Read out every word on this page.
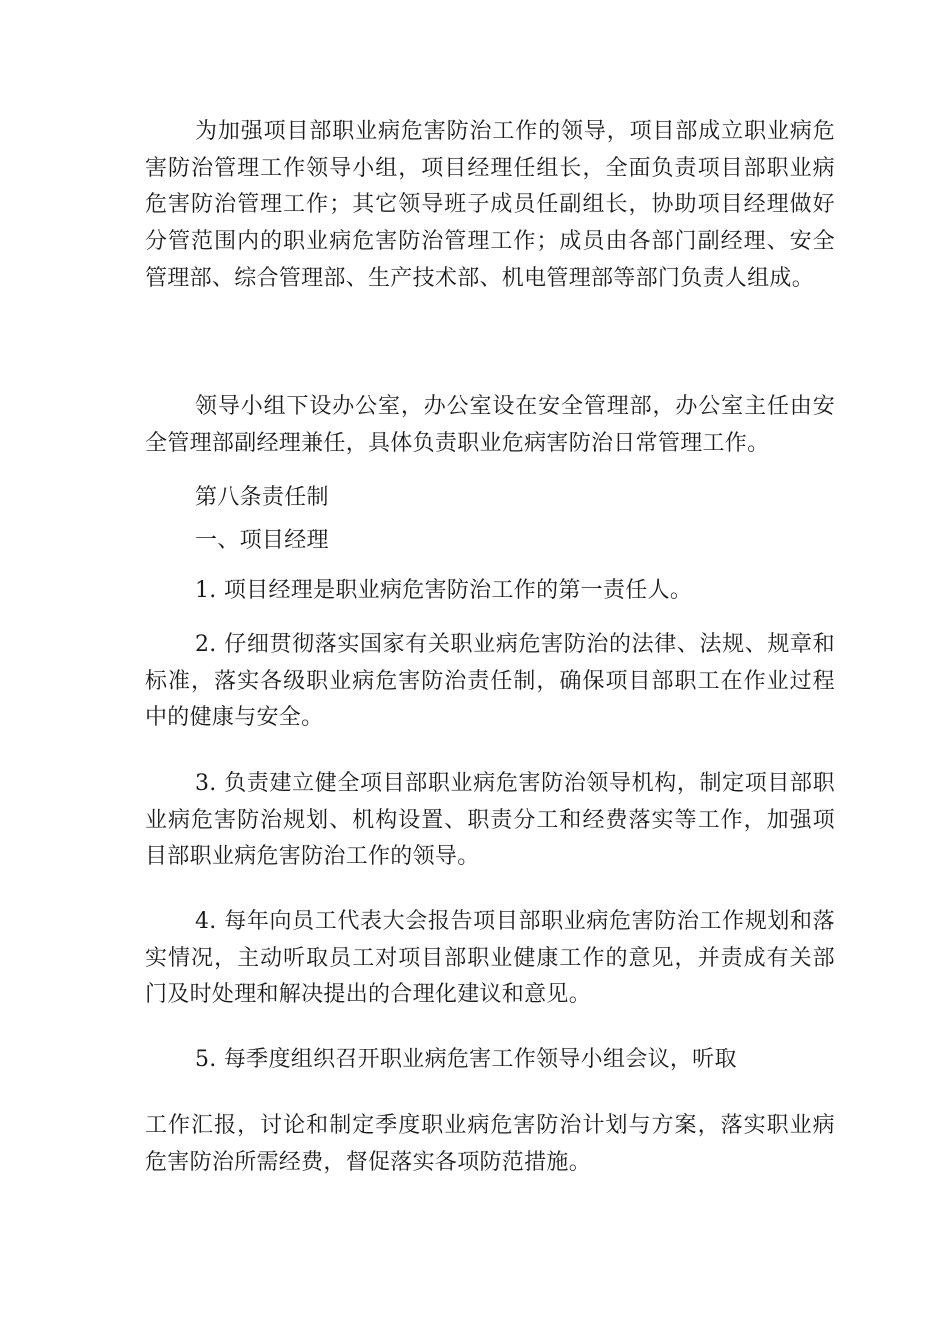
为加强项目部职业病危害防治工作的领导，项目部成立职业病危害防治管理工作领导小组，项目经理任组长，全面负责项目部职业病危害防治管理工作；其它领导班子成员任副组长，协助项目经理做好分管范围内的职业病危害防治管理工作；成员由各部门副经理、安全管理部、综合管理部、生产技术部、机电管理部等部门负责人组成。

领导小组下设办公室，办公室设在安全管理部，办公室主任由安全管理部副经理兼任，具体负责职业危病害防治日常管理工作。

第八条责任制

一、项目经理

1. 项目经理是职业病危害防治工作的第一责任人。

2. 仔细贯彻落实国家有关职业病危害防治的法律、法规、规章和标准，落实各级职业病危害防治责任制，确保项目部职工在作业过程中的健康与安全。

3. 负责建立健全项目部职业病危害防治领导机构，制定项目部职业病危害防治规划、机构设置、职责分工和经费落实等工作，加强项目部职业病危害防治工作的领导。

4. 每年向员工代表大会报告项目部职业病危害防治工作规划和落实情况，主动听取员工对项目部职业健康工作的意见，并责成有关部门及时处理和解决提出的合理化建议和意见。

5. 每季度组织召开职业病危害工作领导小组会议，听取

工作汇报，讨论和制定季度职业病危害防治计划与方案，落实职业病危害防治所需经费，督促落实各项防范措施。
